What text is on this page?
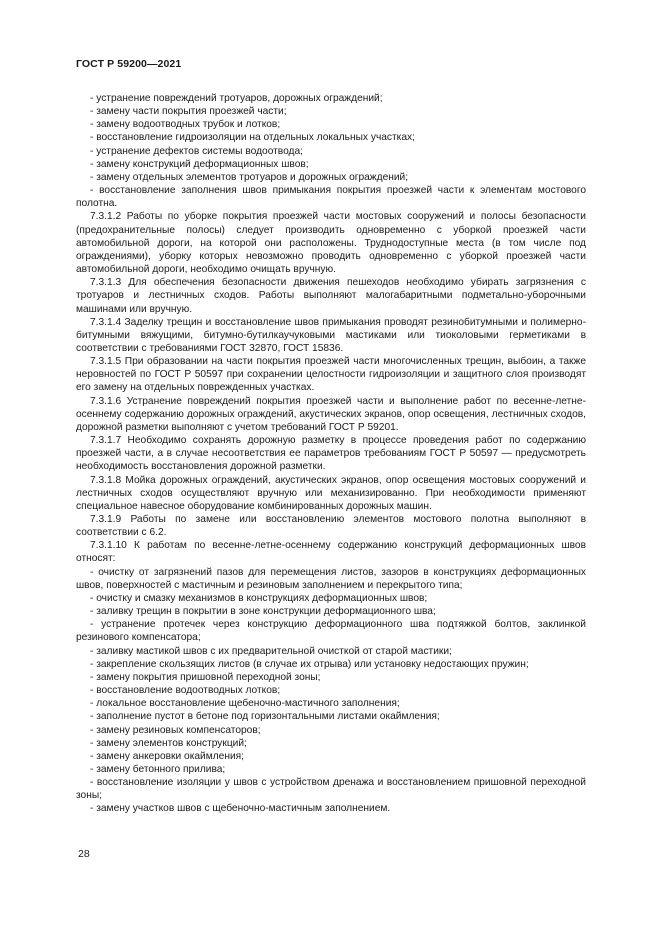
ГОСТ Р 59200—2021

- устранение повреждений тротуаров, дорожных ограждений;

- замену части покрытия проезжей части;

- замену водоотводных трубок и лотков;

- восстановление гидроизоляции на отдельных локальных участках;

- устранение дефектов системы водоотвода;

- замену конструкций деформационных швов;

- замену отдельных элементов тротуаров и дорожных ограждений;

- восстановление заполнения швов примыкания покрытия проезжей части к элементам мостового полотна.

7.3.1.2 Работы по уборке покрытия проезжей части мостовых сооружений и полосы безопасности (предохранительные полосы) следует производить одновременно с уборкой проезжей части автомобильной дороги, на которой они расположены. Труднодоступные места (в том числе под ограждениями), уборку которых невозможно проводить одновременно с уборкой проезжей части автомобильной дороги, необходимо очищать вручную.

7.3.1.3 Для обеспечения безопасности движения пешеходов необходимо убирать загрязнения с тротуаров и лестничных сходов. Работы выполняют малогабаритными подметально-уборочными машинами или вручную.

7.3.1.4 Заделку трещин и восстановление швов примыкания проводят резинобитумными и полимерно-битумными вяжущими, битумно-бутилкаучуковыми мастиками или тиоколовыми герметиками в соответствии с требованиями ГОСТ 32870, ГОСТ 15836.

7.3.1.5 При образовании на части покрытия проезжей части многочисленных трещин, выбоин, а также неровностей по ГОСТ Р 50597 при сохранении целостности гидроизоляции и защитного слоя производят его замену на отдельных поврежденных участках.

7.3.1.6 Устранение повреждений покрытия проезжей части и выполнение работ по весенне-летне-осеннему содержанию дорожных ограждений, акустических экранов, опор освещения, лестничных сходов, дорожной разметки выполняют с учетом требований ГОСТ Р 59201.

7.3.1.7 Необходимо сохранять дорожную разметку в процессе проведения работ по содержанию проезжей части, а в случае несоответствия ее параметров требованиям ГОСТ Р 50597 — предусмотреть необходимость восстановления дорожной разметки.

7.3.1.8 Мойка дорожных ограждений, акустических экранов, опор освещения мостовых сооружений и лестничных сходов осуществляют вручную или механизированно. При необходимости применяют специальное навесное оборудование комбинированных дорожных машин.

7.3.1.9 Работы по замене или восстановлению элементов мостового полотна выполняют в соответствии с 6.2.

7.3.1.10 К работам по весенне-летне-осеннему содержанию конструкций деформационных швов относят:

- очистку от загрязнений пазов для перемещения листов, зазоров в конструкциях деформационных швов, поверхностей с мастичным и резиновым заполнением и перекрытого типа;

- очистку и смазку механизмов в конструкциях деформационных швов;

- заливку трещин в покрытии в зоне конструкции деформационного шва;

- устранение протечек через конструкцию деформационного шва подтяжкой болтов, заклинкой резинового компенсатора;

- заливку мастикой швов с их предварительной очисткой от старой мастики;

- закрепление скользящих листов (в случае их отрыва) или установку недостающих пружин;

- замену покрытия пришовной переходной зоны;

- восстановление водоотводных лотков;

- локальное восстановление щебеночно-мастичного заполнения;

- заполнение пустот в бетоне под горизонтальными листами окаймления;

- замену резиновых компенсаторов;

- замену элементов конструкций;

- замену анкеровки окаймления;

- замену бетонного прилива;

- восстановление изоляции у швов с устройством дренажа и восстановлением пришовной переходной зоны;

- замену участков швов с щебеночно-мастичным заполнением.

28
